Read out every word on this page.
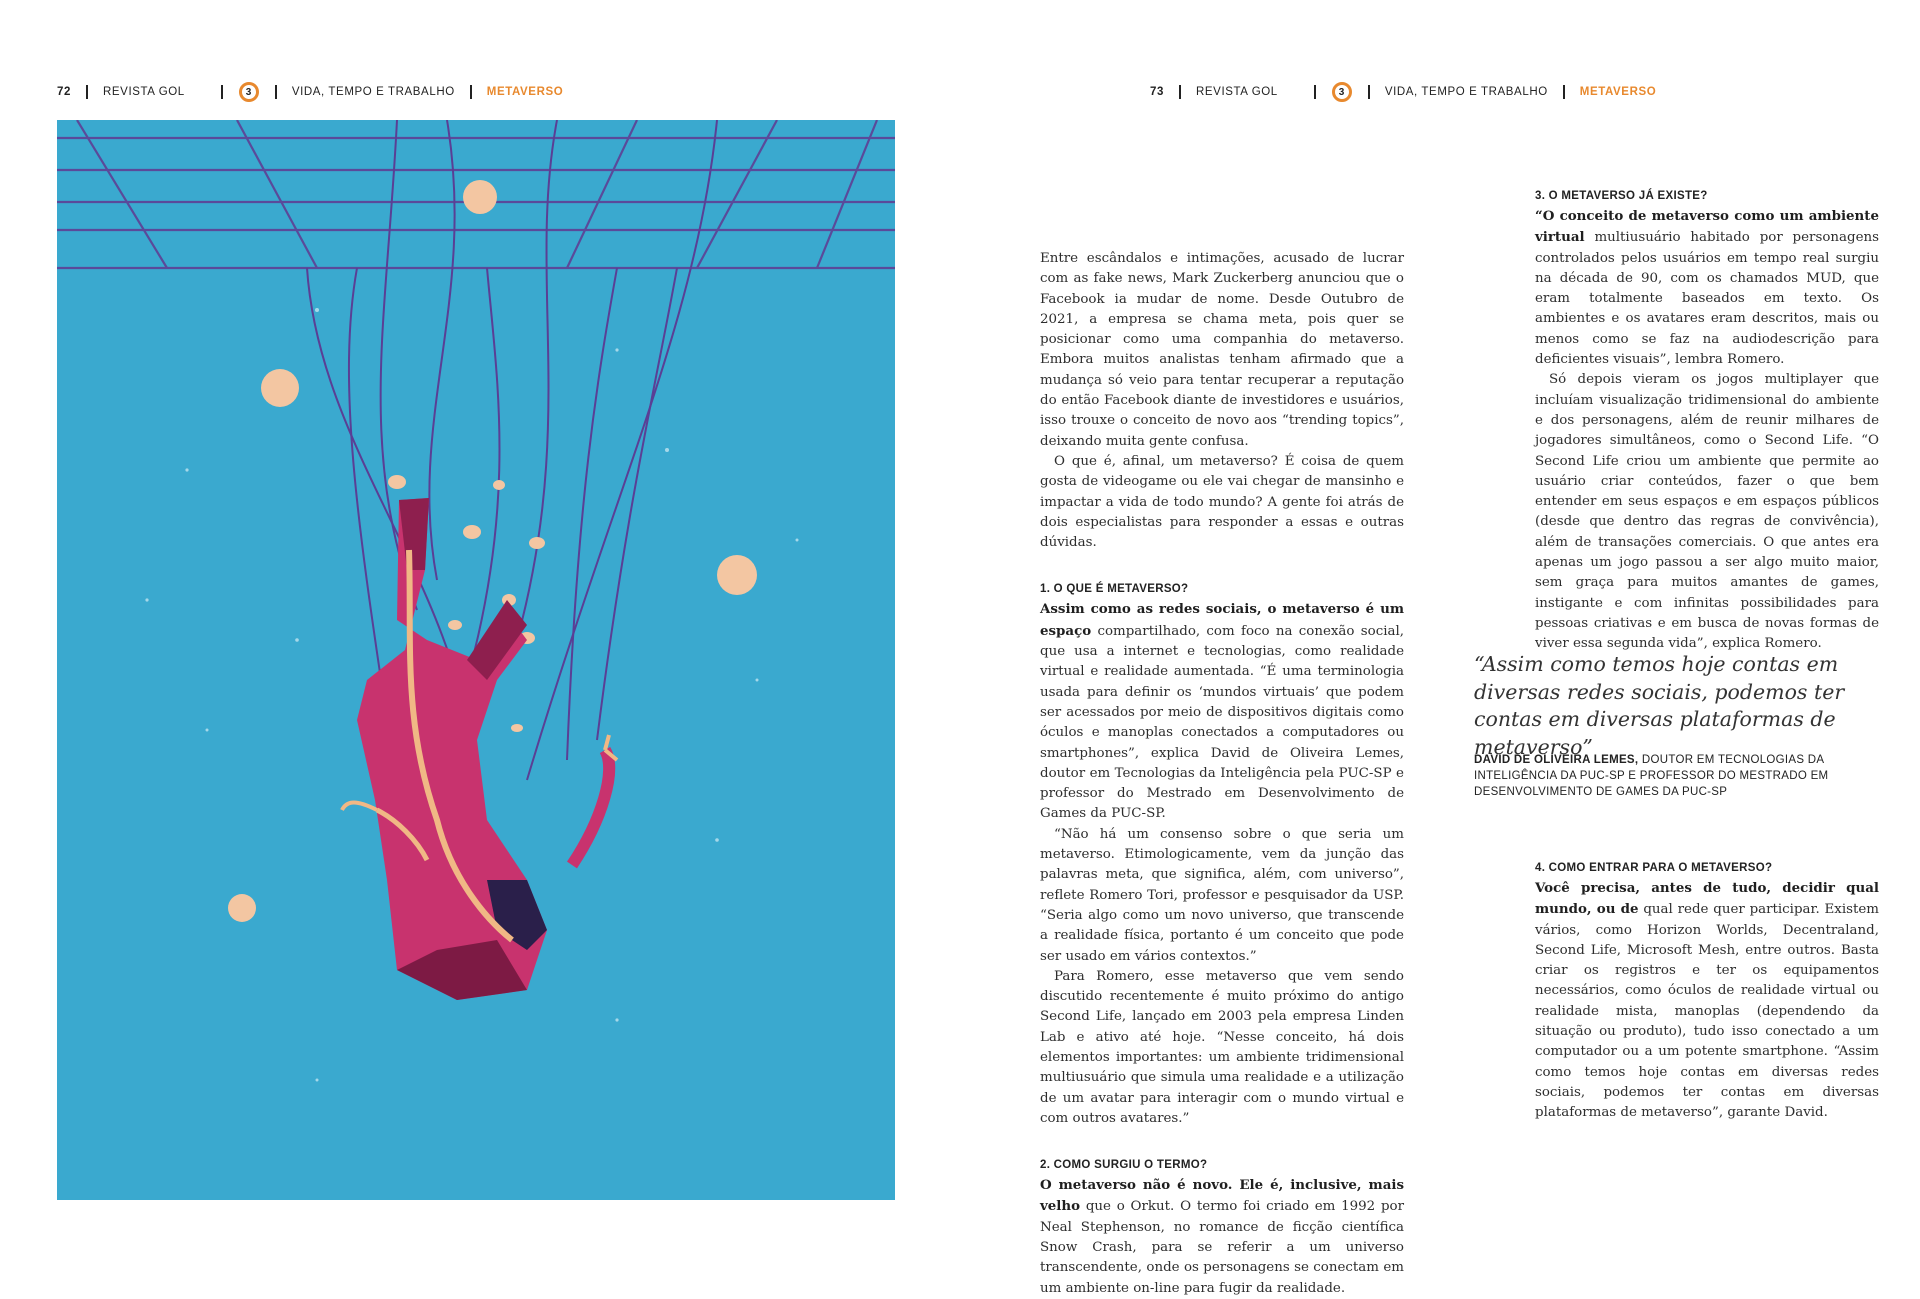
72	REVISTA GOL	3	VIDA, TEMPO E TRABALHO	METAVERSO	73	REVISTA GOL	3	VIDA, TEMPO E TRABALHO	METAVERSO

Entre escândalos e intimações, acusado de lucrar com as fake news, Mark Zuckerberg anunciou que o Facebook ia mudar de nome. Desde Outubro de 2021, a empresa se chama meta, pois quer se posicionar como uma companhia do metaverso. Embora muitos analistas tenham afirmado que a mudança só veio para tentar recuperar a reputação do então Facebook diante de investidores e usuários, isso trouxe o conceito de novo aos “trending topics”, deixando muita gente confusa.

O que é, afinal, um metaverso? É coisa de quem gosta de videogame ou ele vai chegar de mansinho e impactar a vida de todo mundo? A gente foi atrás de dois especialistas para responder a essas e outras dúvidas.

1. O QUE É METAVERSO?

Assim como as redes sociais, o metaverso é um espaço compartilhado, com foco na conexão social, que usa a internet e tecnologias, como realidade virtual e realidade aumentada. “É uma terminologia usada para definir os ‘mundos virtuais’ que podem ser acessados por meio de dispositivos digitais como óculos e manoplas conectados a computadores ou smartphones”, explica David de Oliveira Lemes, doutor em Tecnologias da Inteligência pela PUC-SP e professor do Mestrado em Desenvolvimento de Games da PUC-SP.

“Não há um consenso sobre o que seria um metaverso. Etimologicamente, vem da junção das palavras meta, que significa, além, com universo”, reflete Romero Tori, professor e pesquisador da USP. “Seria algo como um novo universo, que transcende a realidade física, portanto é um conceito que pode ser usado em vários contextos.”

Para Romero, esse metaverso que vem sendo discutido recentemente é muito próximo do antigo Second Life, lançado em 2003 pela empresa Linden Lab e ativo até hoje. “Nesse conceito, há dois elementos importantes: um ambiente tridimensional multiusuário que simula uma realidade e a utilização de um avatar para interagir com o mundo virtual e com outros avatares.”

2. COMO SURGIU O TERMO?

O metaverso não é novo. Ele é, inclusive, mais velho que o Orkut. O termo foi criado em 1992 por Neal Stephenson, no romance de ficção científica Snow Crash, para se referir a um universo transcendente, onde os personagens se conectam em um ambiente on-line para fugir da realidade.

3. O METAVERSO JÁ EXISTE?

“O conceito de metaverso como um ambiente virtual multiusuário habitado por personagens controlados pelos usuários em tempo real surgiu na década de 90, com os chamados MUD, que eram totalmente baseados em texto. Os ambientes e os avatares eram descritos, mais ou menos como se faz na audiodescrição para deficientes visuais”, lembra Romero.

Só depois vieram os jogos multiplayer que incluíam visualização tridimensional do ambiente e dos personagens, além de reunir milhares de jogadores simultâneos, como o Second Life. “O Second Life criou um ambiente que permite ao usuário criar conteúdos, fazer o que bem entender em seus espaços e em espaços públicos (desde que dentro das regras de convivência), além de transações comerciais. O que antes era apenas um jogo passou a ser algo muito maior, sem graça para muitos amantes de games, instigante e com infinitas possibilidades para pessoas criativas e em busca de novas formas de viver essa segunda vida”, explica Romero.

“Assim como temos hoje contas em diversas redes sociais, podemos ter contas em diversas plataformas de metaverso”
DAVID DE OLIVEIRA LEMES, DOUTOR EM TECNOLOGIAS DA INTELIGÊNCIA DA PUC-SP E PROFESSOR DO MESTRADO EM DESENVOLVIMENTO DE GAMES DA PUC-SP

4. COMO ENTRAR PARA O METAVERSO?

Você precisa, antes de tudo, decidir qual mundo, ou de qual rede quer participar. Existem vários, como Horizon Worlds, Decentraland, Second Life, Microsoft Mesh, entre outros. Basta criar os registros e ter os equipamentos necessários, como óculos de realidade virtual ou realidade mista, manoplas (dependendo da situação ou produto), tudo isso conectado a um computador ou a um potente smartphone. “Assim como temos hoje contas em diversas redes sociais, podemos ter contas em diversas plataformas de metaverso”, garante David.
